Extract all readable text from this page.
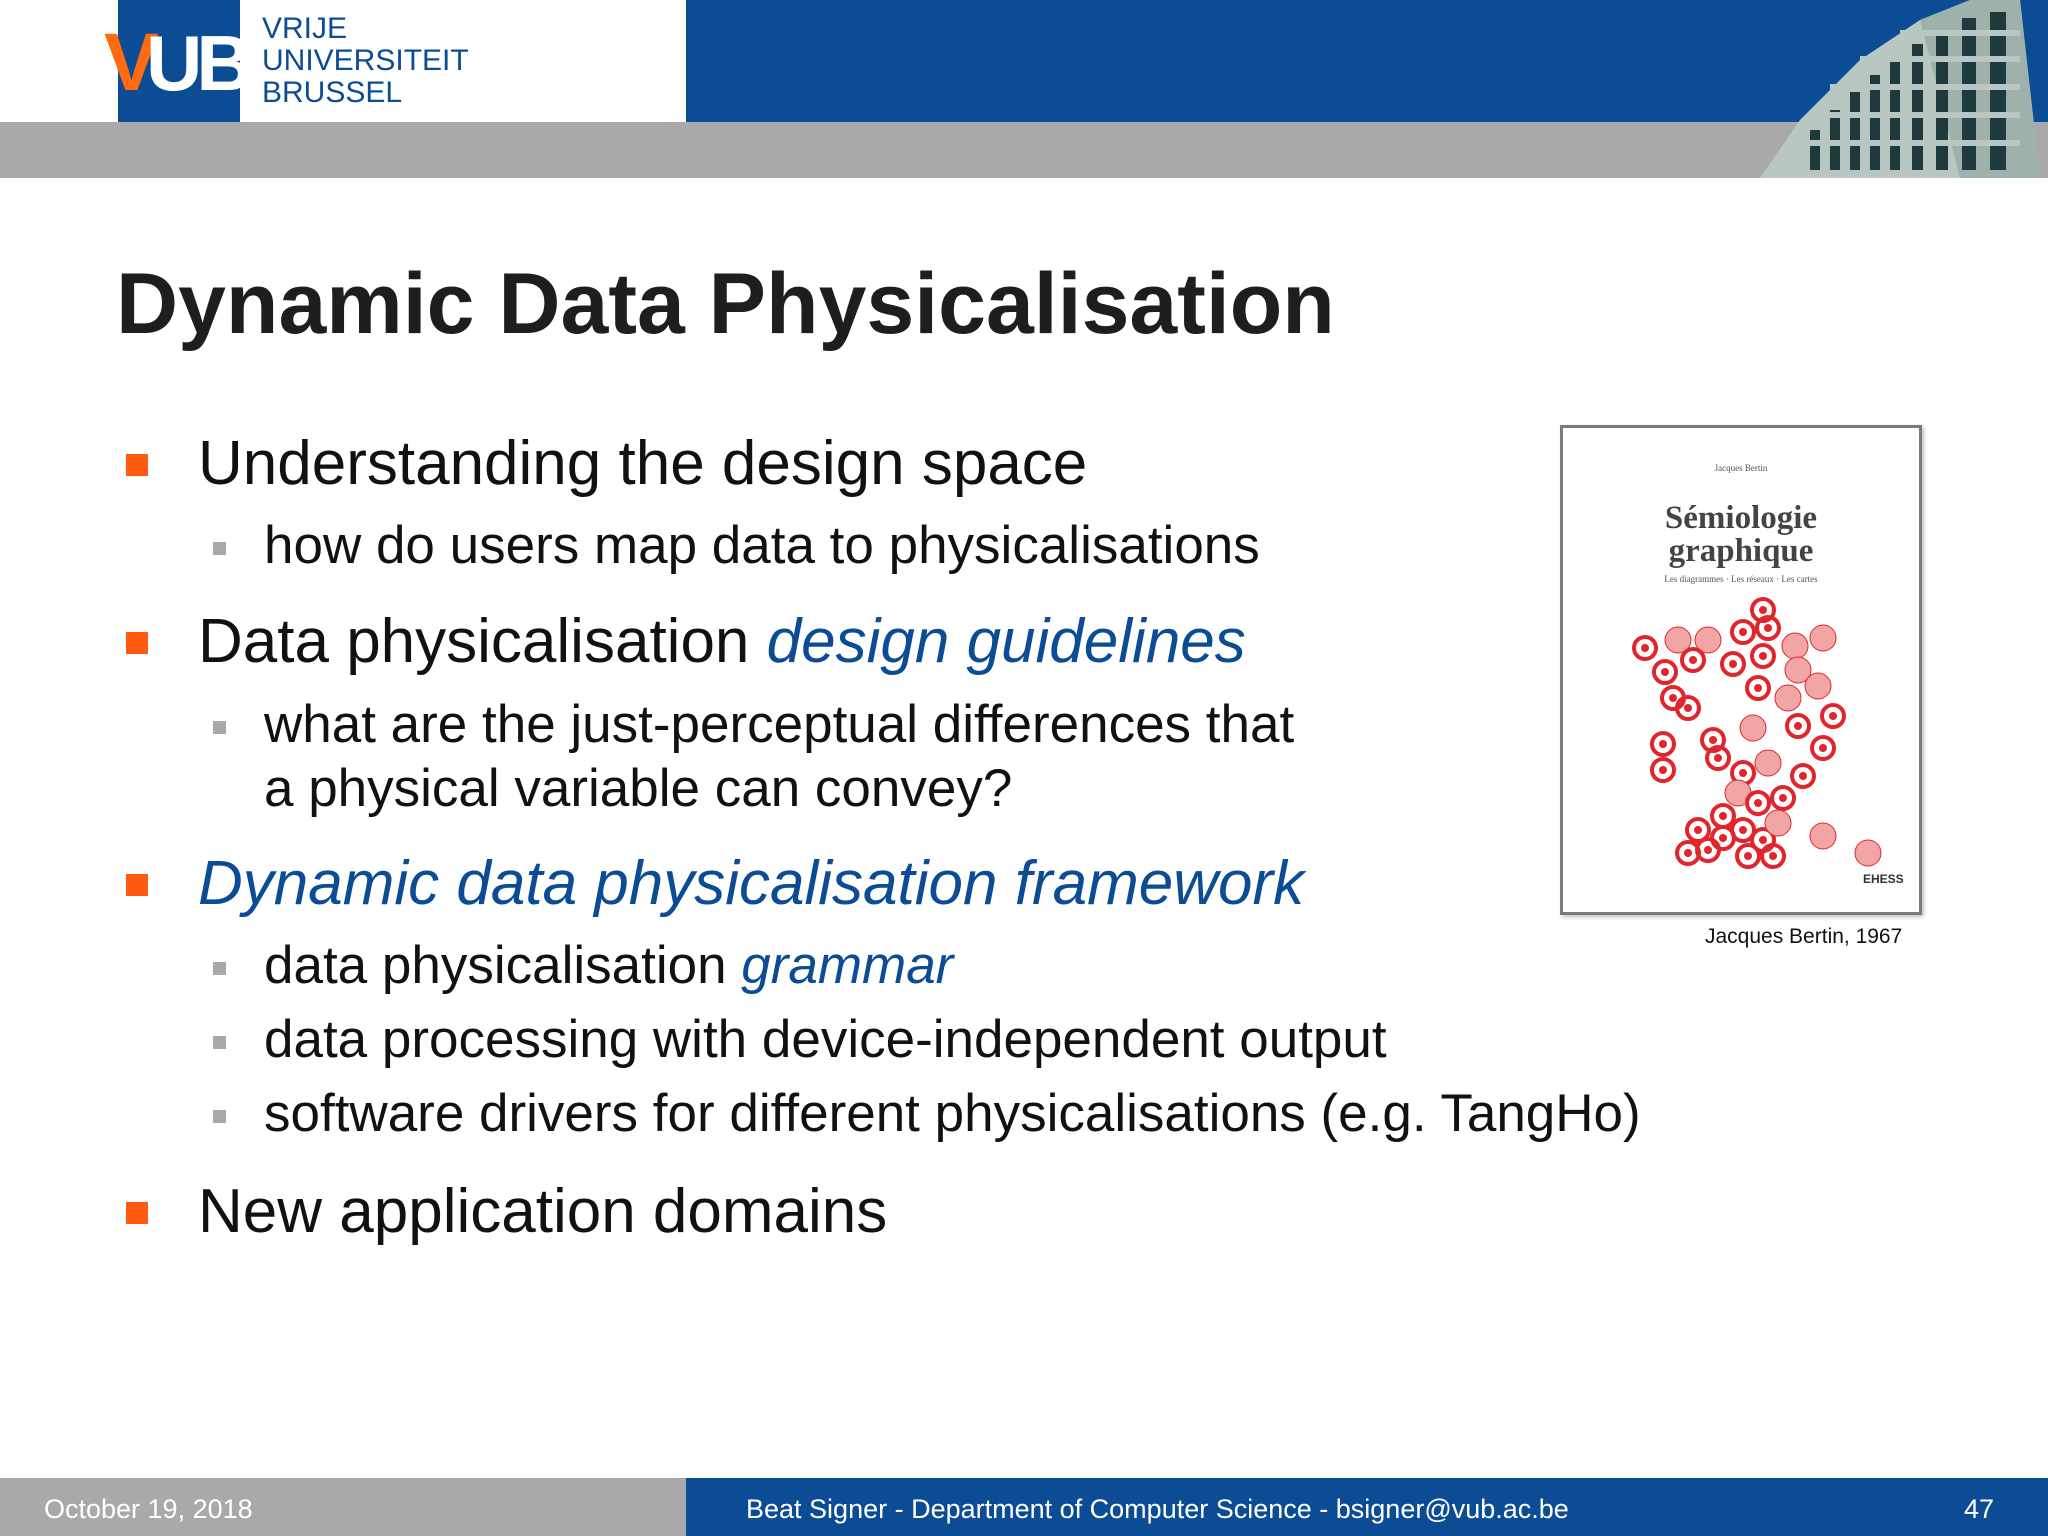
V
UB VRIJE
UNIVERSITEIT
BRUSSEL
Dynamic Data Physicalisation
Understanding the design space
how do users map data to physicalisations
Data physicalisation design guidelines
what are the just-perceptual differences that
a physical variable can convey?
Dynamic data physicalisation framework
data physicalisation grammar
data processing with device-independent output
software drivers for different physicalisations (e.g. TangHo)
New application domains
Jacques Bertin
Sémiologie
graphique
Les diagrammes · Les réseaux · Les cartes
EHESS
Jacques Bertin, 1967
October 19, 2018	Beat Signer - Department of Computer Science - bsigner@vub.ac.be	47
